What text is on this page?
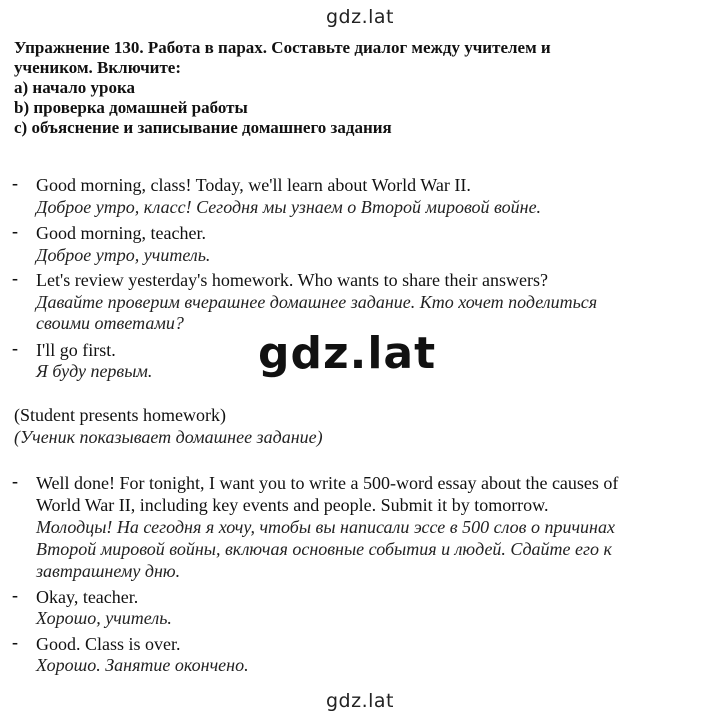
gdz.lat
Упражнение 130. Работа в парах. Составьте диалог между учителем и
учеником. Включите:
a) начало урока
b) проверка домашней работы
c) объяснение и записывание домашнего задания
- Good morning, class! Today, we'll learn about World War II.
Доброе утро, класс! Сегодня мы узнаем о Второй мировой войне.
- Good morning, teacher.
Доброе утро, учитель.
- Let's review yesterday's homework. Who wants to share their answers?
Давайте проверим вчерашнее домашнее задание. Кто хочет поделиться
своими ответами?
- I'll go first.
Я буду первым. gdz.lat
(Student presents homework)
(Ученик показывает домашнее задание)
- Well done! For tonight, I want you to write a 500-word essay about the causes of
World War II, including key events and people. Submit it by tomorrow.
Молодцы! На сегодня я хочу, чтобы вы написали эссе в 500 слов о причинах
Второй мировой войны, включая основные события и людей. Сдайте его к
завтрашнему дню.
- Okay, teacher.
Хорошо, учитель.
- Good. Class is over.
Хорошо. Занятие окончено.
gdz.lat
